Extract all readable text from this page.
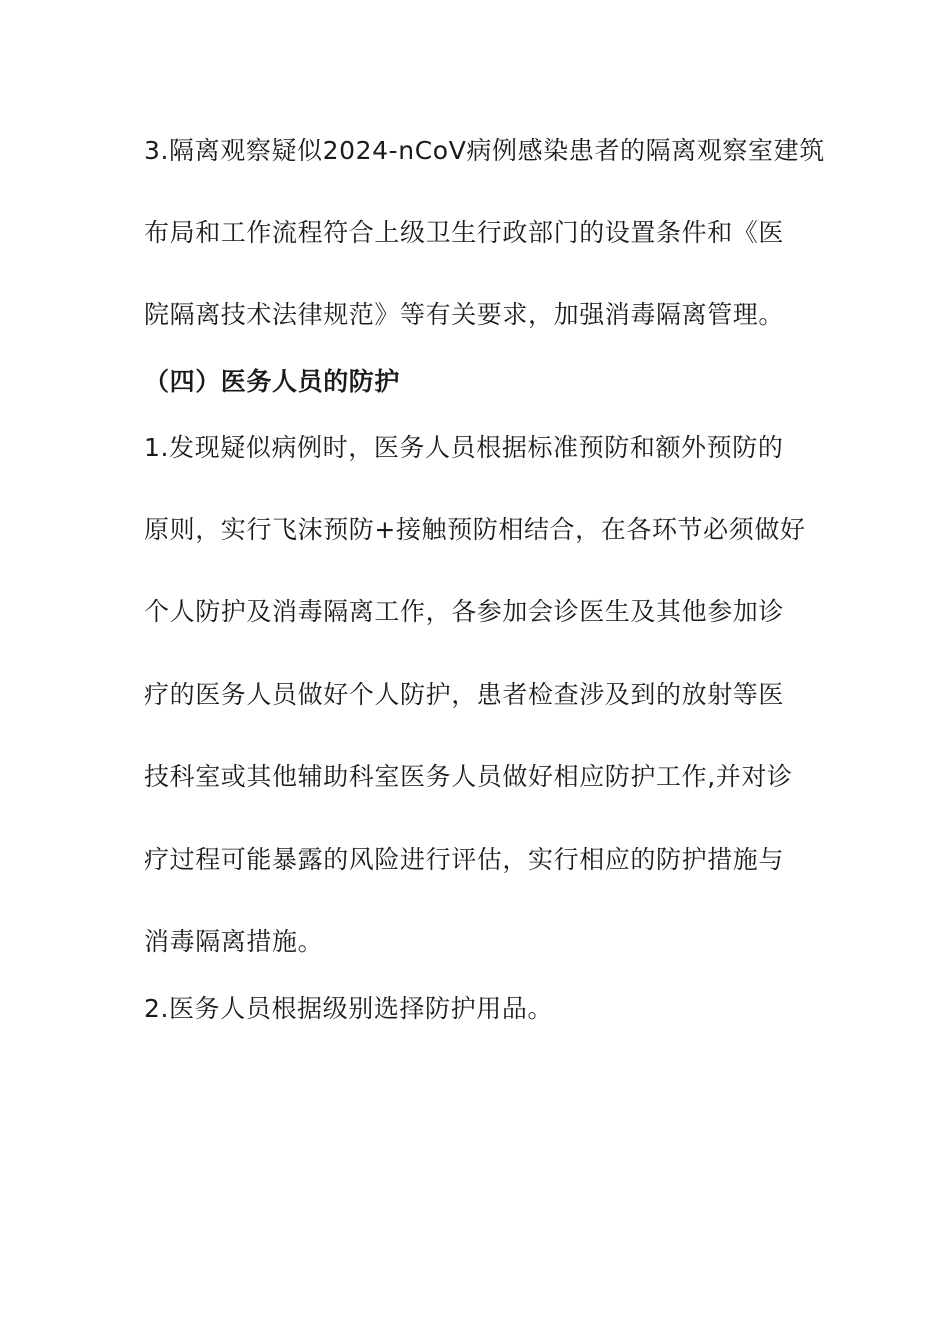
3.隔离观察疑似2024-nCoV病例感染患者的隔离观察室建筑
布局和工作流程符合上级卫生行政部门的设置条件和《医
院隔离技术法律规范》等有关要求，加强消毒隔离管理。
（四）医务人员的防护
1.发现疑似病例时，医务人员根据标准预防和额外预防的
原则，实行飞沫预防+接触预防相结合，在各环节必须做好
个人防护及消毒隔离工作，各参加会诊医生及其他参加诊
疗的医务人员做好个人防护，患者检查涉及到的放射等医
技科室或其他辅助科室医务人员做好相应防护工作,并对诊
疗过程可能暴露的风险进行评估，实行相应的防护措施与
消毒隔离措施。
2.医务人员根据级别选择防护用品。
